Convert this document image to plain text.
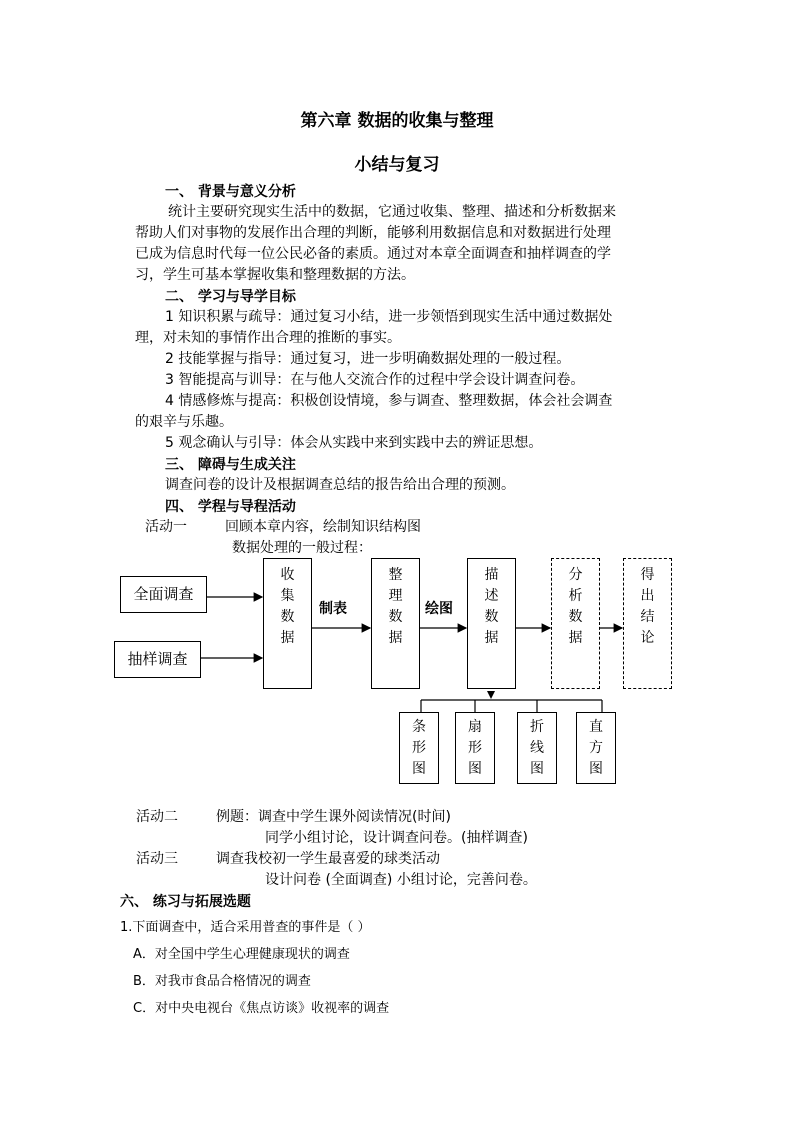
第六章 数据的收集与整理
小结与复习
一、 背景与意义分析
统计主要研究现实生活中的数据，它通过收集、整理、描述和分析数据来
帮助人们对事物的发展作出合理的判断，能够利用数据信息和对数据进行处理
已成为信息时代每一位公民必备的素质。通过对本章全面调查和抽样调查的学
习，学生可基本掌握收集和整理数据的方法。
二、 学习与导学目标
1 知识积累与疏导：通过复习小结，进一步领悟到现实生活中通过数据处
理，对未知的事情作出合理的推断的事实。
2 技能掌握与指导：通过复习，进一步明确数据处理的一般过程。
3 智能提高与训导：在与他人交流合作的过程中学会设计调查问卷。
4 情感修炼与提高：积极创设情境，参与调查、整理数据，体会社会调查
的艰辛与乐趣。
5 观念确认与引导：体会从实践中来到实践中去的辨证思想。
三、 障碍与生成关注
调查问卷的设计及根据调查总结的报告给出合理的预测。
四、 学程与导程活动
活动一	回顾本章内容，绘制知识结构图
数据处理的一般过程：
全面调查
抽样调查
收
集
数
据
制表
整
理
数
据
绘图
描
述
数
据
分
析
数
据
得
出
结
论
条
形
图
扇
形
图
折
线
图
直
方
图
活动二	例题：调查中学生课外阅读情况(时间)
同学小组讨论，设计调查问卷。(抽样调查)
活动三	调查我校初一学生最喜爱的球类活动
设计问卷 (全面调查) 小组讨论，完善问卷。
六、 练习与拓展选题
1.下面调查中，适合采用普查的事件是（ ）
A．对全国中学生心理健康现状的调查
B．对我市食品合格情况的调查
C．对中央电视台《焦点访谈》收视率的调查
